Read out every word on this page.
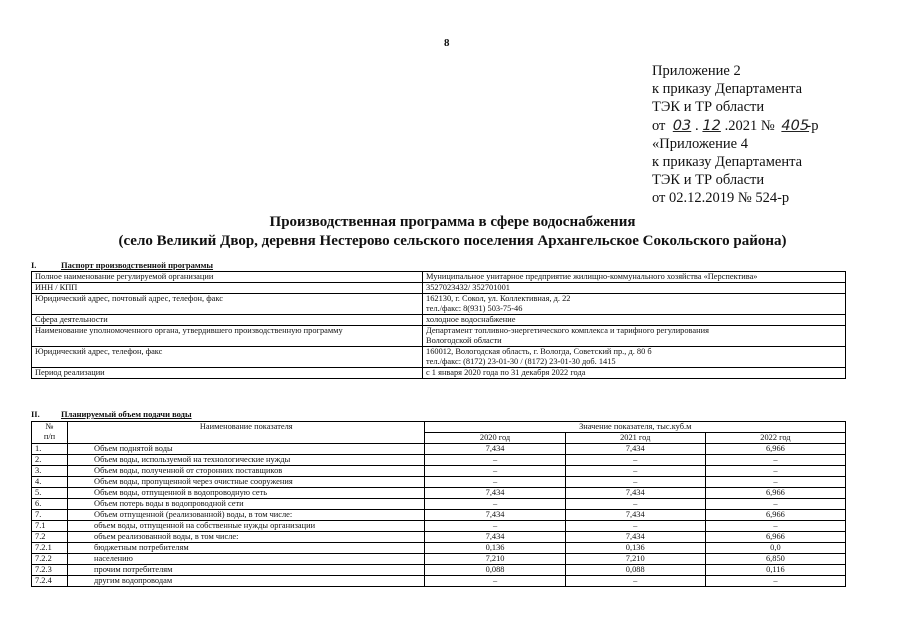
8
Приложение 2
к приказу Департамента
ТЭК и ТР области
от 03 . 12 .2021 № 405-р
«Приложение 4
к приказу Департамента
ТЭК и ТР области
от 02.12.2019 № 524-р
Производственная программа в сфере водоснабжения
(село Великий Двор, деревня Нестерово сельского поселения Архангельское Сокольского района)
I.	Паспорт производственной программы
Полное наименование регулируемой организации	Муниципальное унитарное предприятие жилищно-коммунального хозяйства «Перспектива»

ИНН / КПП	3527023432/ 352701001

Юридический адрес, почтовый адрес, телефон, факс	162130, г. Сокол, ул. Коллективная, д. 22
тел./факс: 8(931) 503-75-46

Сфера деятельности	холодное водоснабжение

Наименование уполномоченного органа, утвердившего производственную программу	Департамент топливно-энергетического комплекса и тарифного регулирования
Вологодской области

Юридический адрес, телефон, факс	160012, Вологодская область, г. Вологда, Советский пр., д. 80 б
тел./факс: (8172) 23-01-30 / (8172) 23-01-30 доб. 1415

Период реализации	с 1 января 2020 года по 31 декабря 2022 года
II.	Планируемый объем подачи воды
№
п/п	Наименование показателя	Значение показателя, тыс.куб.м		
		2020 год	2021 год	2022 год
1.	Объем поднятой воды	7,434	7,434	6,966
2.	Объем воды, используемой на технологические нужды	–	–	–
3.	Объем воды, полученной от сторонних поставщиков	–	–	–
4.	Объем воды, пропущенной через очистные сооружения	–	–	–
5.	Объем воды, отпущенной в водопроводную сеть	7,434	7,434	6,966
6.	Объем потерь воды в водопроводной сети	–	–	–
7.	Объем отпущенной (реализованной) воды, в том числе:	7,434	7,434	6,966
7.1	объем воды, отпущенной на собственные нужды организации	–	–	–
7.2	объем реализованной воды, в том числе:	7,434	7,434	6,966
7.2.1	бюджетным потребителям	0,136	0,136	0,0
7.2.2	населению	7,210	7,210	6,850
7.2.3	прочим потребителям	0,088	0,088	0,116
7.2.4	другим водопроводам	–	–	–
